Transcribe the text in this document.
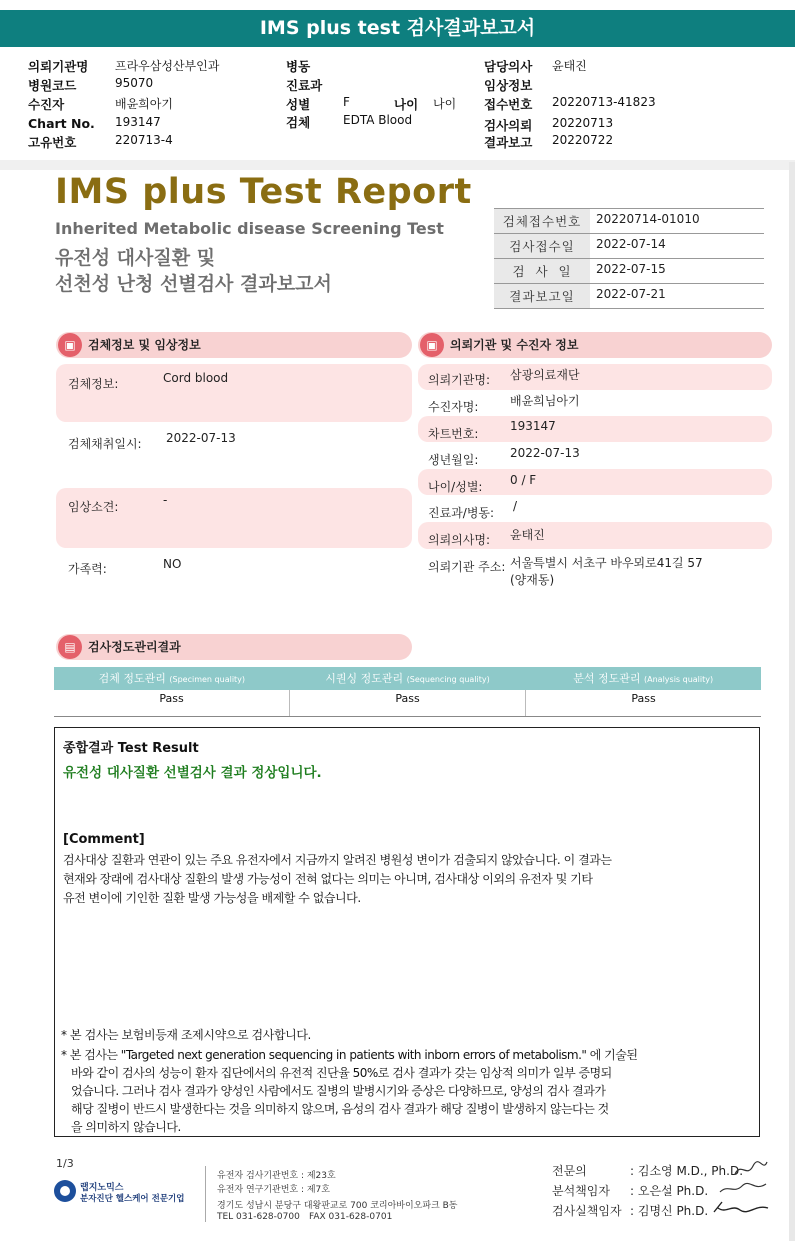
IMS plus test 검사결과보고서
의뢰기관명 프라우삼성산부인과
병원코드	95070
수진자	배윤희아기
Chart No. 193147
고유번호	220713-4
병동
진료과
성별	F	나이 나이
검체	EDTA Blood
담당의사 윤태진
임상정보
접수번호 20220713-41823
검사의뢰 20220713
결과보고 20220722
IMS plus Test Report
Inherited Metabolic disease Screening Test
유전성 대사질환 및
선천성 난청 선별검사 결과보고서
검체접수번호	20220714-01010
검사접수일	2022-07-14
검  사  일	2022-07-15
결과보고일	2022-07-21
▣	검체정보 및 임상정보
검체정보:	Cord blood
검체채취일시: 2022-07-13
임상소견:	-
가족력:	NO
▣	의뢰기관 및 수진자 정보
의뢰기관명: 삼광의료재단
수진자명:	배윤희님아기
차트번호:
193147
생년월일:	2022-07-13
나이/성별: 0 / F
진료과/병동: /
의뢰의사명: 윤태진
의뢰기관 주소: 서울특별시 서초구 바우뫼로41길 57
(양재동)
▤	검사정도관리결과
검체 정도관리 (Specimen quality)	시퀀싱 정도관리 (Sequencing quality)	분석 정도관리 (Analysis quality)
Pass	Pass	Pass
종합결과 Test Result
유전성 대사질환 선별검사 결과 정상입니다.
[Comment]
검사대상 질환과 연관이 있는 주요 유전자에서 지금까지 알려진 병원성 변이가 검출되지 않았습니다. 이 결과는
현재와 장래에 검사대상 질환의 발생 가능성이 전혀 없다는 의미는 아니며, 검사대상 이외의 유전자 및 기타
유전 변이에 기인한 질환 발생 가능성을 배제할 수 없습니다.
* 본 검사는 보험비등재 조제시약으로 검사합니다.
* 본 검사는 "Targeted next generation sequencing in patients with inborn errors of metabolism." 에 기술된
바와 같이 검사의 성능이 환자 집단에서의 유전적 진단율 50%로 검사 결과가 갖는 임상적 의미가 일부 증명되
었습니다. 그러나 검사 결과가 양성인 사람에서도 질병의 발병시기와 증상은 다양하므로, 양성의 검사 결과가
해당 질병이 반드시 발생한다는 것을 의미하지 않으며, 음성의 검사 결과가 해당 질병이 발생하지 않는다는 것
을 의미하지 않습니다.
1/3
랩지노믹스
분자진단 헬스케어 전문기업
유전자 검사기관번호 : 제23호
유전자 연구기관번호 : 제7호
경기도 성남시 분당구 대왕판교로 700 코리아바이오파크 B동
TEL 031-628-0700 FAX 031-628-0701
전문의	: 김소영 M.D., Ph.D.
분석책임자 : 오은설 Ph.D.
검사실책임자 : 김명신 Ph.D.
